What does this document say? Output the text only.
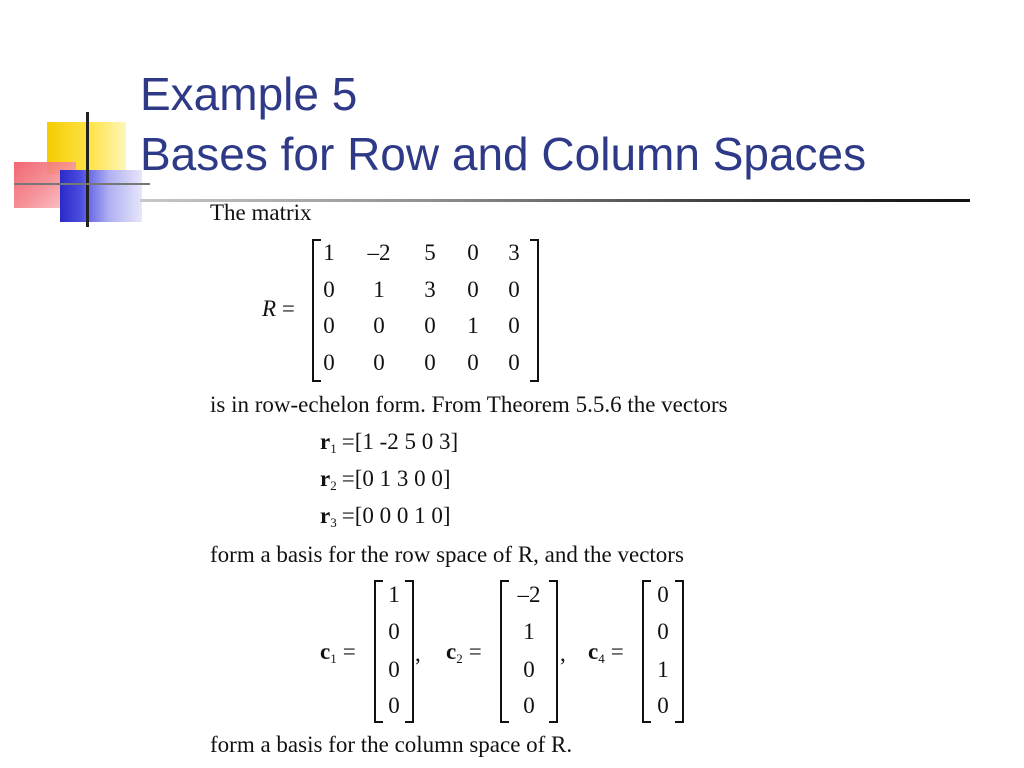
Example 5
Bases for Row and Column Spaces
The matrix
R =
1	–2	5	0	3
0	1	3	0	0
0	0	0	1	0
0	0	0	0	0
is in row-echelon form. From Theorem 5.5.6 the vectors
$r_1 =[1$ -2 5 0 3]
$r_2 =[0$ 1 3 0 0]
$r_3 =[0$ 0 0 1 0]
form a basis for the row space of R, and the vectors
$c_1$ =
1
0
0
0
, $c_2$ =
–2
1
0
0
, $c_4$ =
0
0
1
0
form a basis for the column space of R.
